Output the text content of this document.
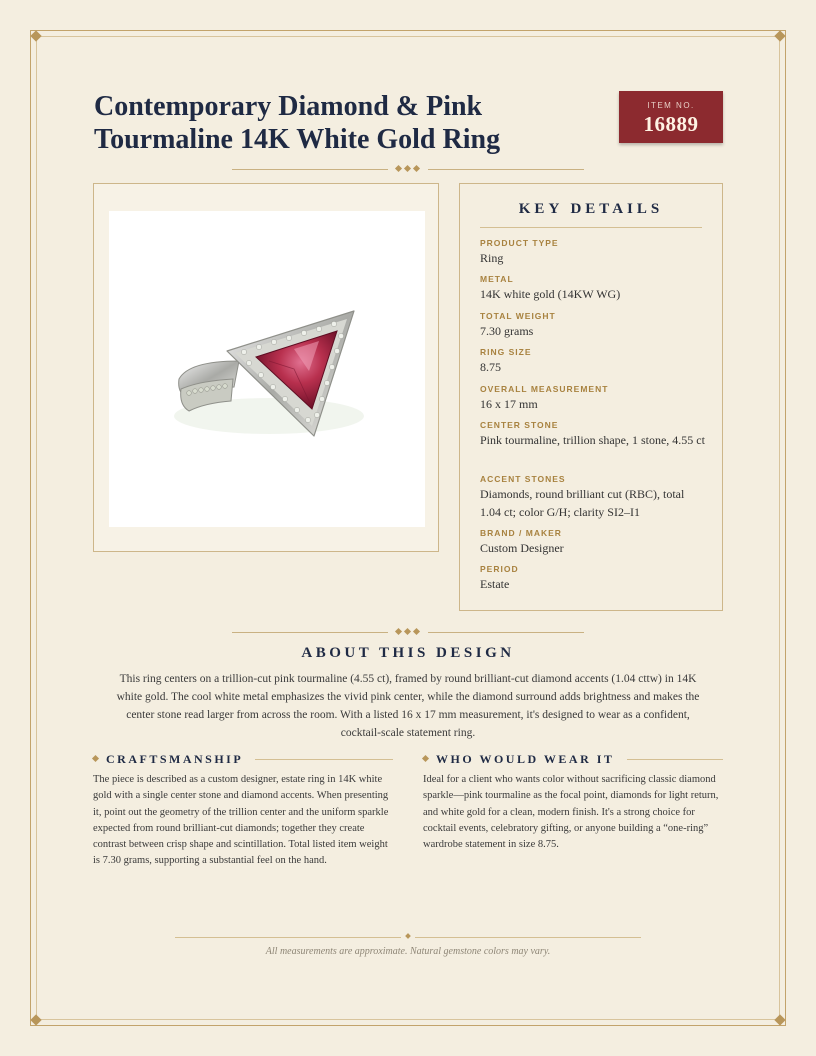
Contemporary Diamond & Pink Tourmaline 14K White Gold Ring
ITEM NO.
16889
KEY DETAILS
PRODUCT TYPE
Ring
METAL
14K white gold (14KW WG)
TOTAL WEIGHT
7.30 grams
RING SIZE
8.75
OVERALL MEASUREMENT
16 x 17 mm
CENTER STONE
Pink tourmaline, trillion shape, 1 stone, 4.55 ct
ACCENT STONES
Diamonds, round brilliant cut (RBC), total 1.04 ct; color G/H; clarity SI2–I1
BRAND / MAKER
Custom Designer
PERIOD
Estate
ABOUT THIS DESIGN
This ring centers on a trillion-cut pink tourmaline (4.55 ct), framed by round brilliant-cut diamond accents (1.04 cttw) in 14K white gold. The cool white metal emphasizes the vivid pink center, while the diamond surround adds brightness and makes the center stone read larger from across the room. With a listed 16 x 17 mm measurement, it's designed to wear as a confident, cocktail-scale statement ring.
CRAFTSMANSHIP
The piece is described as a custom designer, estate ring in 14K white gold with a single center stone and diamond accents. When presenting it, point out the geometry of the trillion center and the uniform sparkle expected from round brilliant-cut diamonds; together they create contrast between crisp shape and scintillation. Total listed item weight is 7.30 grams, supporting a substantial feel on the hand.
WHO WOULD WEAR IT
Ideal for a client who wants color without sacrificing classic diamond sparkle—pink tourmaline as the focal point, diamonds for light return, and white gold for a clean, modern finish. It's a strong choice for cocktail events, celebratory gifting, or anyone building a “one-ring” wardrobe statement in size 8.75.
All measurements are approximate. Natural gemstone colors may vary.
